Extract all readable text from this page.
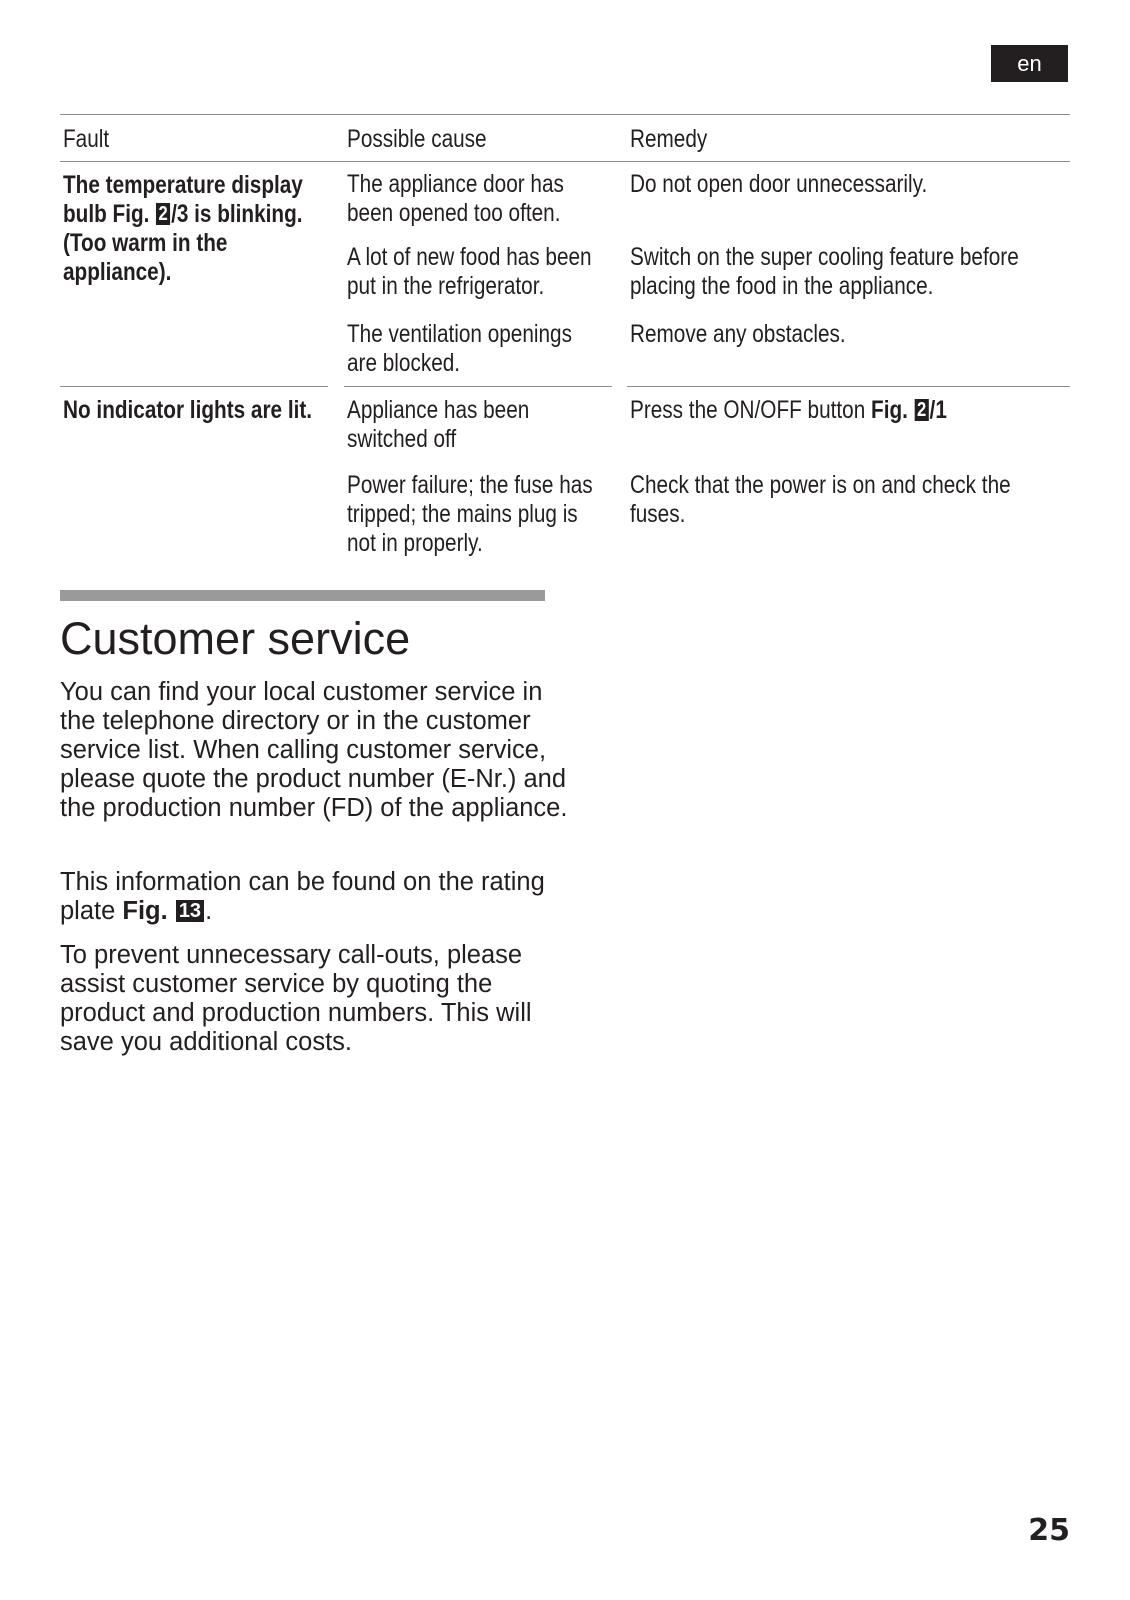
en
Fault	Possible cause	Remedy
The temperature display
bulb Fig. 2 /3 is blinking.
(Too warm in the
appliance).
The appliance door has
been opened too often.
Do not open door unnecessarily.
A lot of new food has been
put in the refrigerator.
Switch on the super cooling feature before
placing the food in the appliance.
The ventilation openings
are blocked.
Remove any obstacles.
No indicator lights are lit. Appliance has been
switched off
Press the ON/OFF button Fig. 2 /1
Power failure; the fuse has
tripped; the mains plug is
not in properly.
Check that the power is on and check the
fuses.
Customer service
You can find your local customer service in the telephone directory or in the customer service list. When calling customer service, please quote the product number (E-Nr.) and the production number (FD) of the appliance.
This information can be found on the rating plate Fig. 13 .
To prevent unnecessary call-outs, please assist customer service by quoting the product and production numbers. This will save you additional costs.
25
